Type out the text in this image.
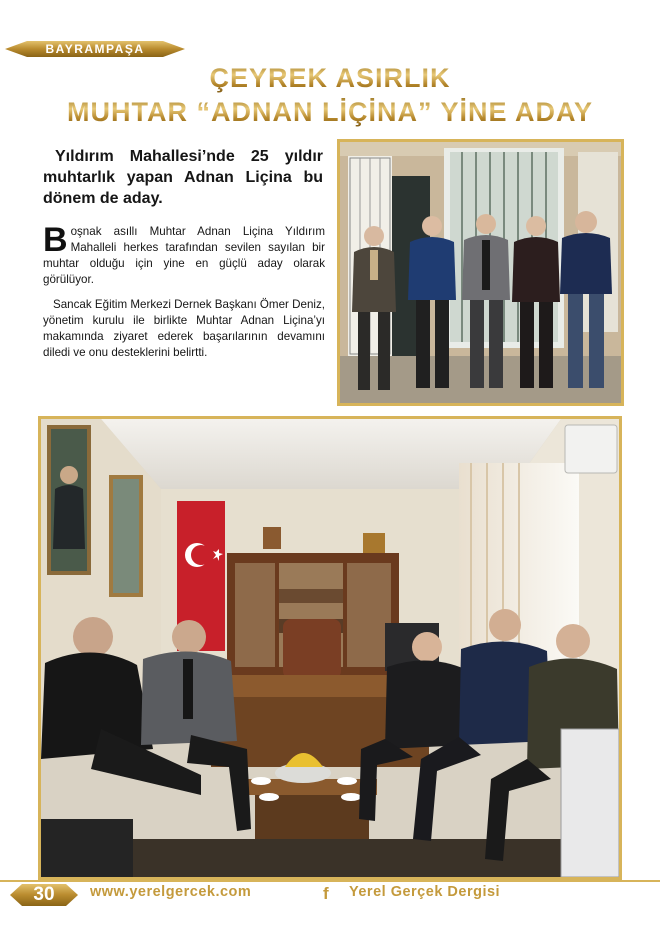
BAYRAMPAŞA
ÇEYREK ASIRLIK
MUHTAR “ADNAN LİÇİNA” YİNE ADAY

Yıldırım Mahallesi’nde 25 yıldır muhtarlık yapan Adnan Liçina bu dönem de aday.

Boşnak asıllı Muhtar Adnan Liçina Yıldırım Mahalleli herkes tarafından sevilen sayılan bir muhtar olduğu için yine en güçlü aday olarak görülüyor.

Sancak Eğitim Merkezi Dernek Başkanı Ömer Deniz, yönetim kurulu ile birlikte Muhtar Adnan Liçina’yı makamında ziyaret ederek başarılarının devamını diledi ve onu desteklerini belirtti.

30	www.yerelgercek.com	f Yerel Gerçek Dergisi
